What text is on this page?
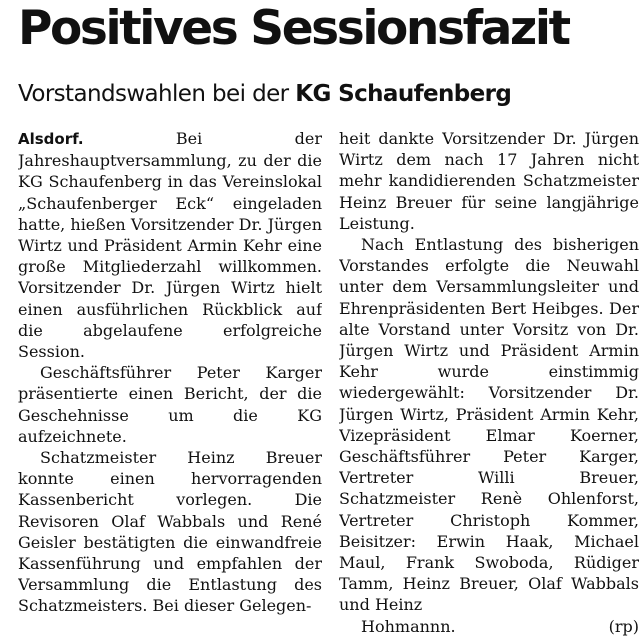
Positives Sessionsfazit
Vorstandswahlen bei der KG Schaufenberg

Alsdorf. Bei der Jahreshauptversammlung, zu der die KG Schaufenberg in das Vereinslokal „Schaufenberger Eck“ eingeladen hatte, hießen Vorsitzender Dr. Jürgen Wirtz und Präsident Armin Kehr eine große Mitgliederzahl willkommen. Vorsitzender Dr. Jürgen Wirtz hielt einen ausführlichen Rückblick auf die abgelaufene erfolgreiche Session.

Geschäftsführer Peter Karger präsentierte einen Bericht, der die Geschehnisse um die KG aufzeichnete.

Schatzmeister Heinz Breuer konnte einen hervorragenden Kassenbericht vorlegen. Die Revisoren Olaf Wabbals und René Geisler bestätigten die einwandfreie Kassenführung und empfahlen der Versammlung die Entlastung des Schatzmeisters. Bei dieser Gelegen-

heit dankte Vorsitzender Dr. Jürgen Wirtz dem nach 17 Jahren nicht mehr kandidierenden Schatzmeister Heinz Breuer für seine langjährige Leistung.

Nach Entlastung des bisherigen Vorstandes erfolgte die Neuwahl unter dem Versammlungsleiter und Ehrenpräsidenten Bert Heibges. Der alte Vorstand unter Vorsitz von Dr. Jürgen Wirtz und Präsident Armin Kehr wurde einstimmig wiedergewählt: Vorsitzender Dr. Jürgen Wirtz, Präsident Armin Kehr, Vizepräsident Elmar Koerner, Geschäftsführer Peter Karger, Vertreter Willi Breuer, Schatzmeister Renè Ohlenforst, Vertreter Christoph Kommer, Beisitzer: Erwin Haak, Michael Maul, Frank Swoboda, Rüdiger Tamm, Heinz Breuer, Olaf Wabbals und Heinz

Hohmannn.	(rp)
